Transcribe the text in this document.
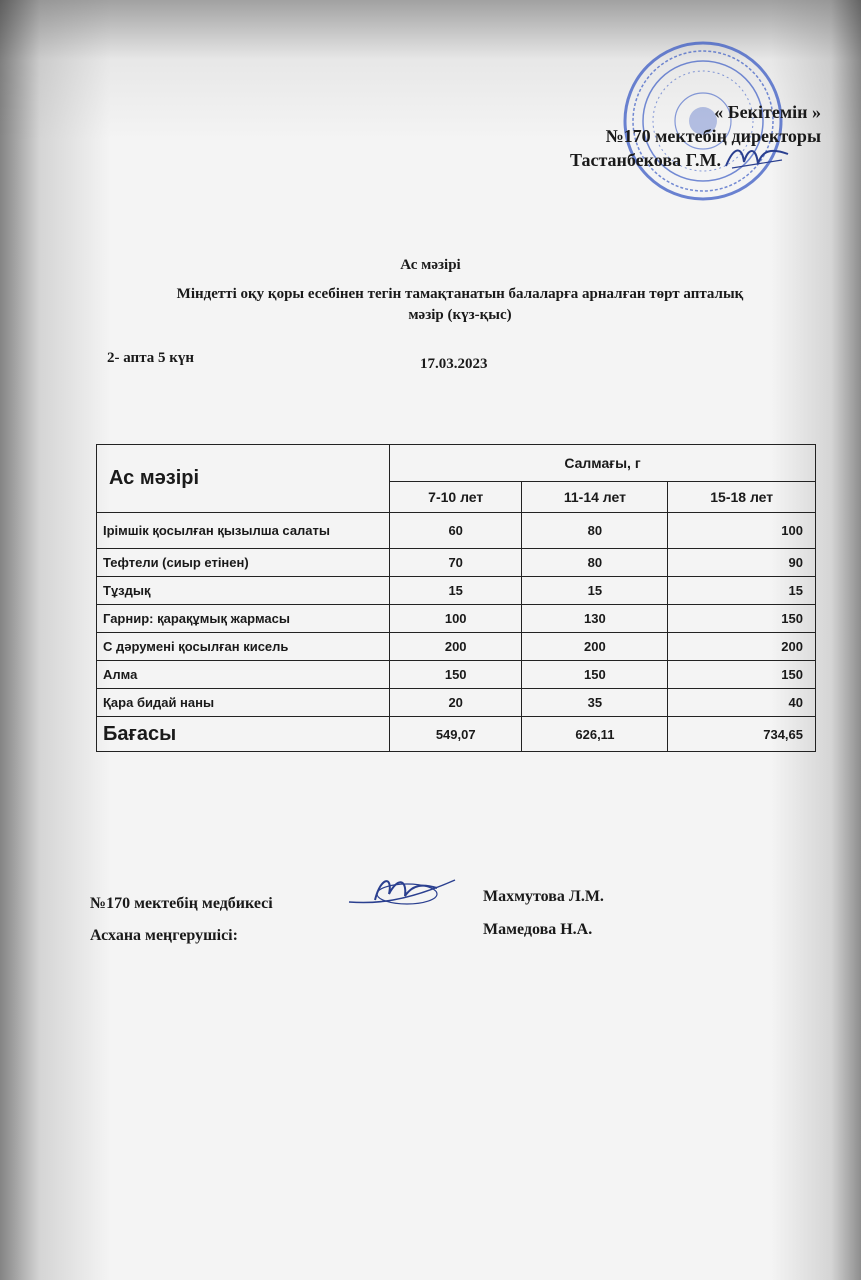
« Бекітемін »
№170 мектебің директоры
Тастанбекова Г.М.
Ас мәзірі
Міндетті оқу қоры есебінен тегін тамақтанатын балаларға арналған төрт апталық
мәзір (күз-қыс)
2- апта 5 күн	17.03.2023
Ас мәзірі	Салмағы, г		
	7-10 лет	11-14 лет	15-18 лет
Ірімшік қосылған қызылша салаты	60	80	100
Тефтели (сиыр етінен)	70	80	90
Тұздық	15	15	15
Гарнир: қарақұмық жармасы	100	130	150
С дәрумені қосылған кисель	200	200	200
Алма	150	150	150
Қара бидай наны	20	35	40
Бағасы	549,07	626,11	734,65
№170 мектебің медбикесі	Махмутова Л.М.
Асхана меңгерушісі:	Мамедова Н.А.
